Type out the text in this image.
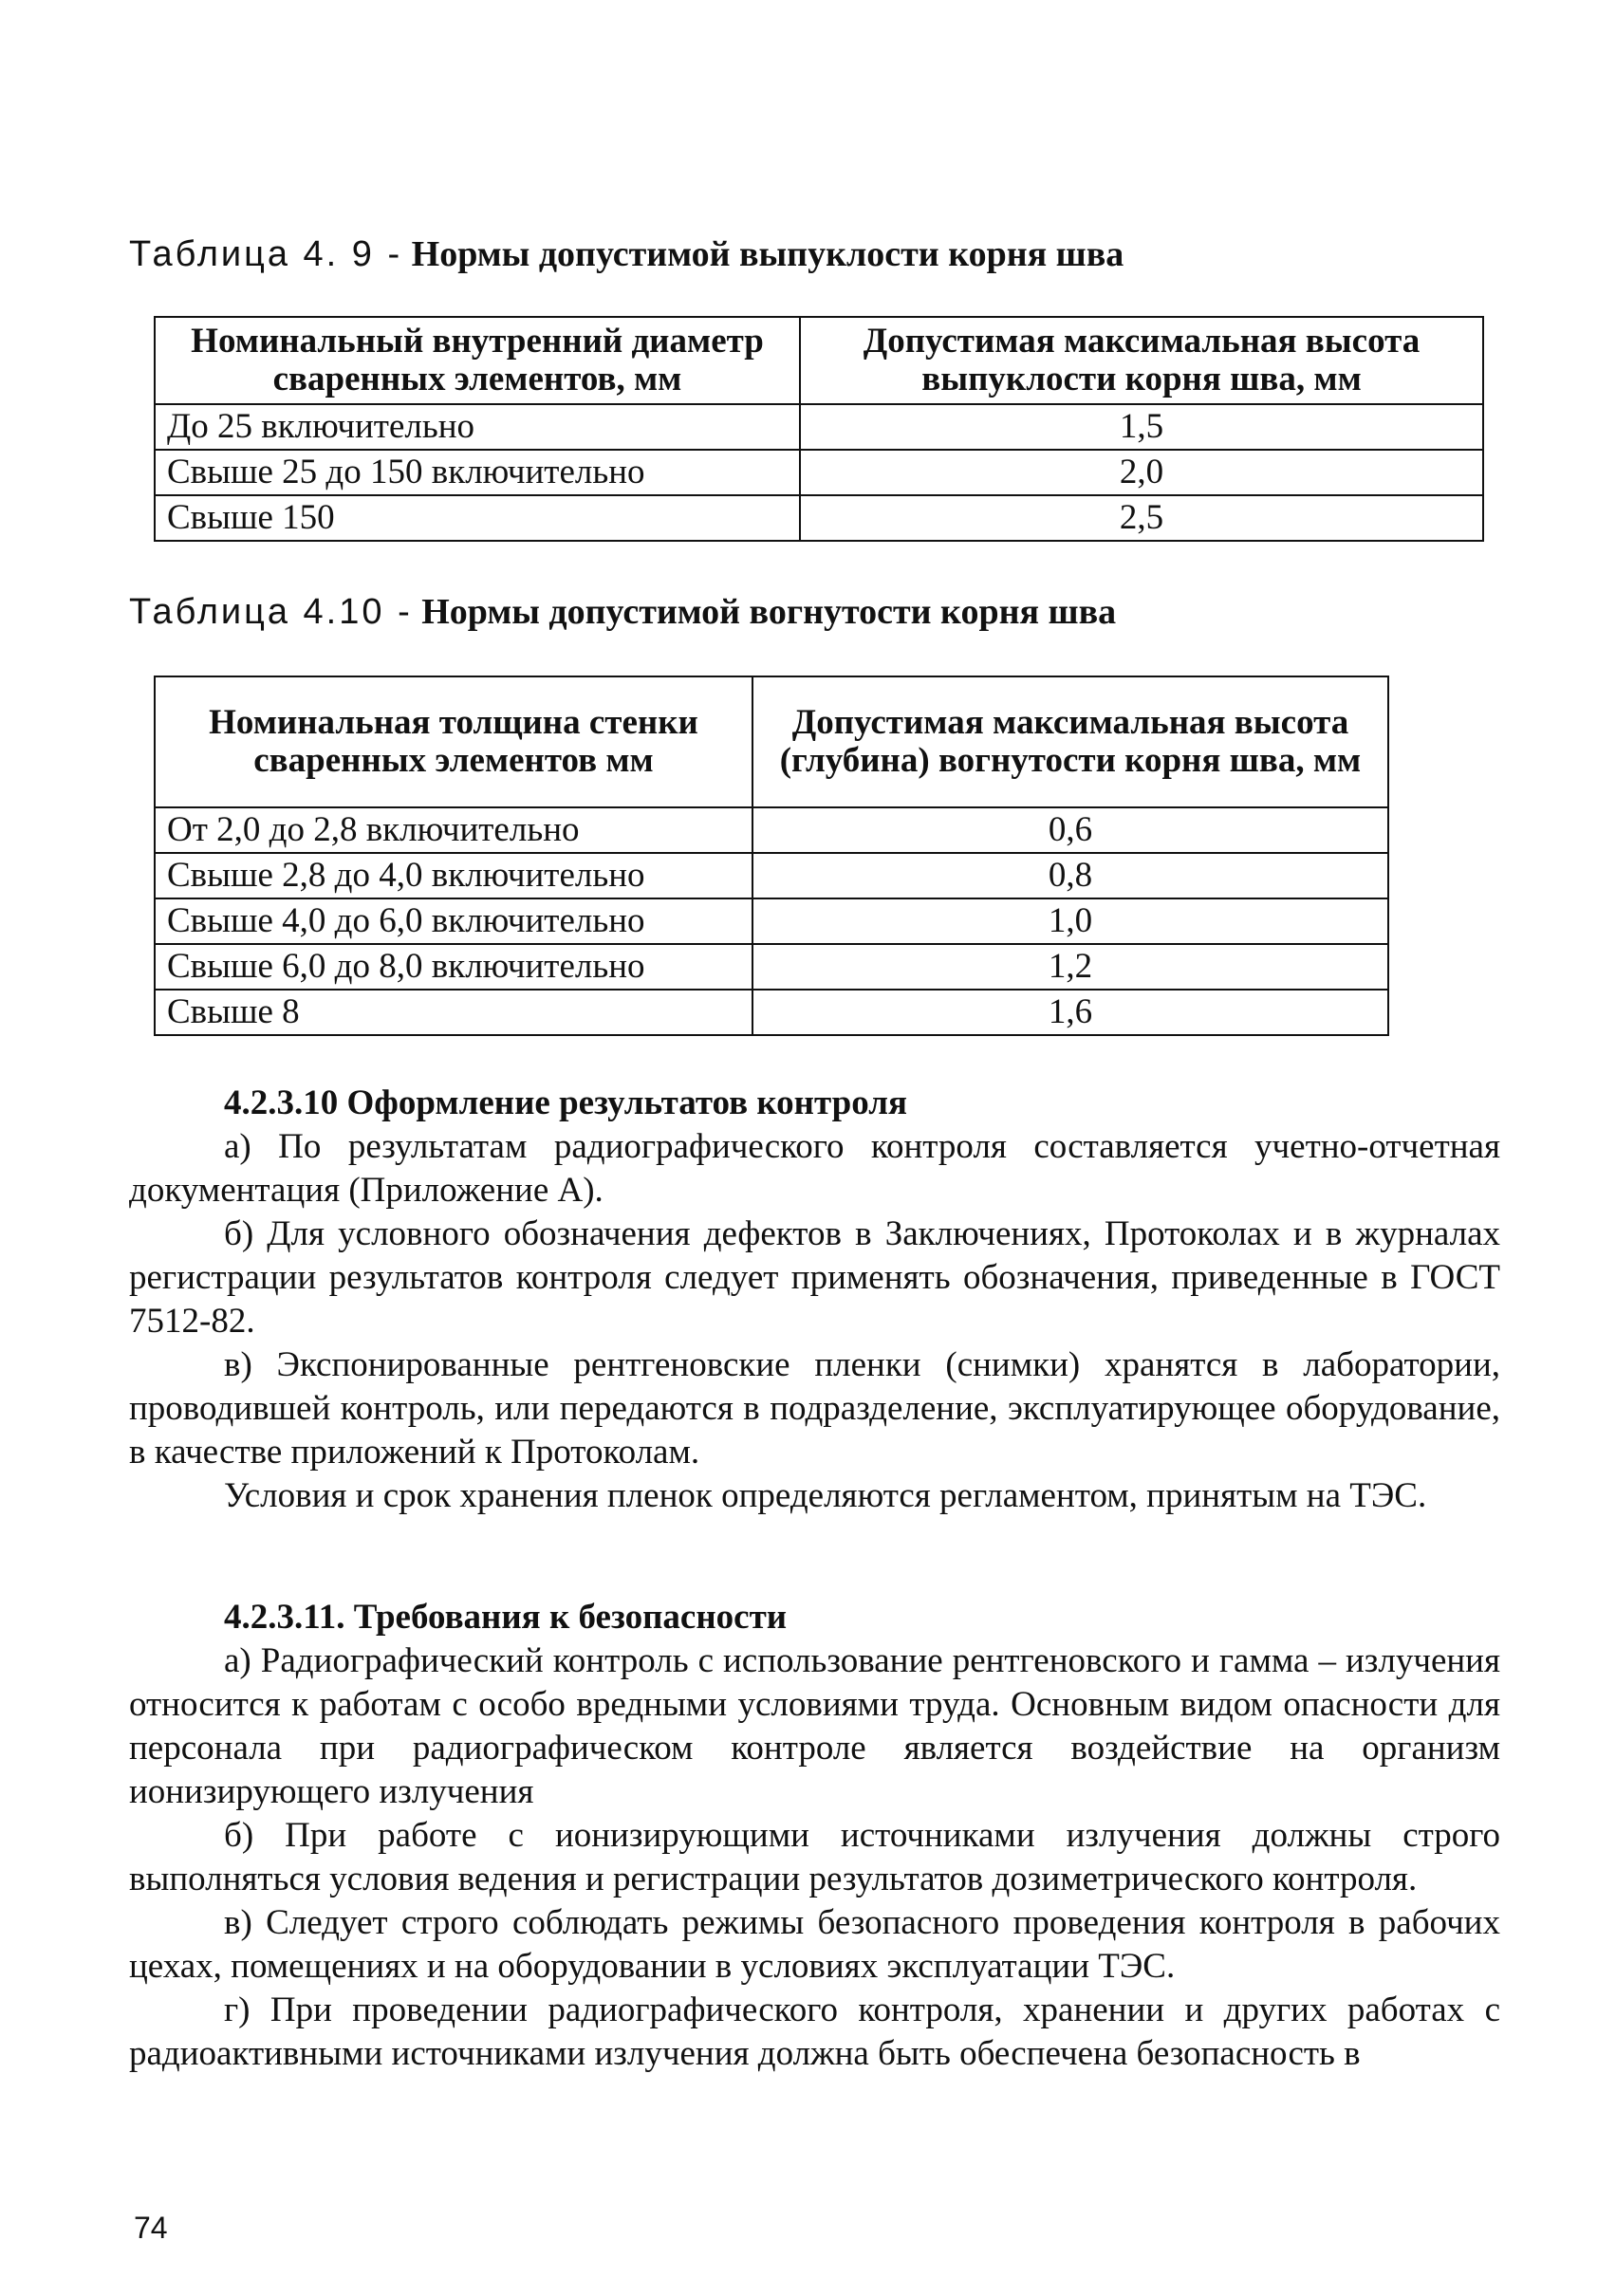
Таблица 4. 9 - Нормы допустимой выпуклости корня шва
Номинальный внутренний диаметр сваренных элементов, мм	Допустимая максимальная высота выпуклости корня шва, мм
До 25 включительно	1,5
Свыше 25 до 150 включительно	2,0
Свыше 150	2,5
Таблица 4.10 - Нормы допустимой вогнутости корня шва
Номинальная толщина стенки сваренных элементов мм	Допустимая максимальная высота (глубина) вогнутости корня шва, мм
От 2,0 до 2,8 включительно	0,6
Свыше 2,8 до 4,0 включительно	0,8
Свыше 4,0 до 6,0 включительно	1,0
Свыше 6,0 до 8,0 включительно	1,2
Свыше 8	1,6

4.2.3.10 Оформление результатов контроля

а) По результатам радиографического контроля составляется учетно-отчетная документация (Приложение А).

б) Для условного обозначения дефектов в Заключениях, Протоколах и в журналах регистрации результатов контроля следует применять обозначения, приведенные в ГОСТ 7512-82.

в) Экспонированные рентгеновские пленки (снимки) хранятся в лаборатории, проводившей контроль, или передаются в подразделение, эксплуатирующее оборудование, в качестве приложений к Протоколам.

Условия и срок хранения пленок определяются регламентом, принятым на ТЭС.

4.2.3.11. Требования к безопасности

а) Радиографический контроль с использование рентгеновского и гамма – излучения относится к работам с особо вредными условиями труда. Основным видом опасности для персонала при радиографическом контроле является воздействие на организм ионизирующего излучения

б) При работе с ионизирующими источниками излучения должны строго выполняться условия ведения и регистрации результатов дозиметрического контроля.

в) Следует строго соблюдать режимы безопасного проведения контроля в рабочих цехах, помещениях и на оборудовании в условиях эксплуатации ТЭС.

г) При проведении радиографического контроля, хранении и других работах с радиоактивными источниками излучения должна быть обеспечена безопасность в

74
